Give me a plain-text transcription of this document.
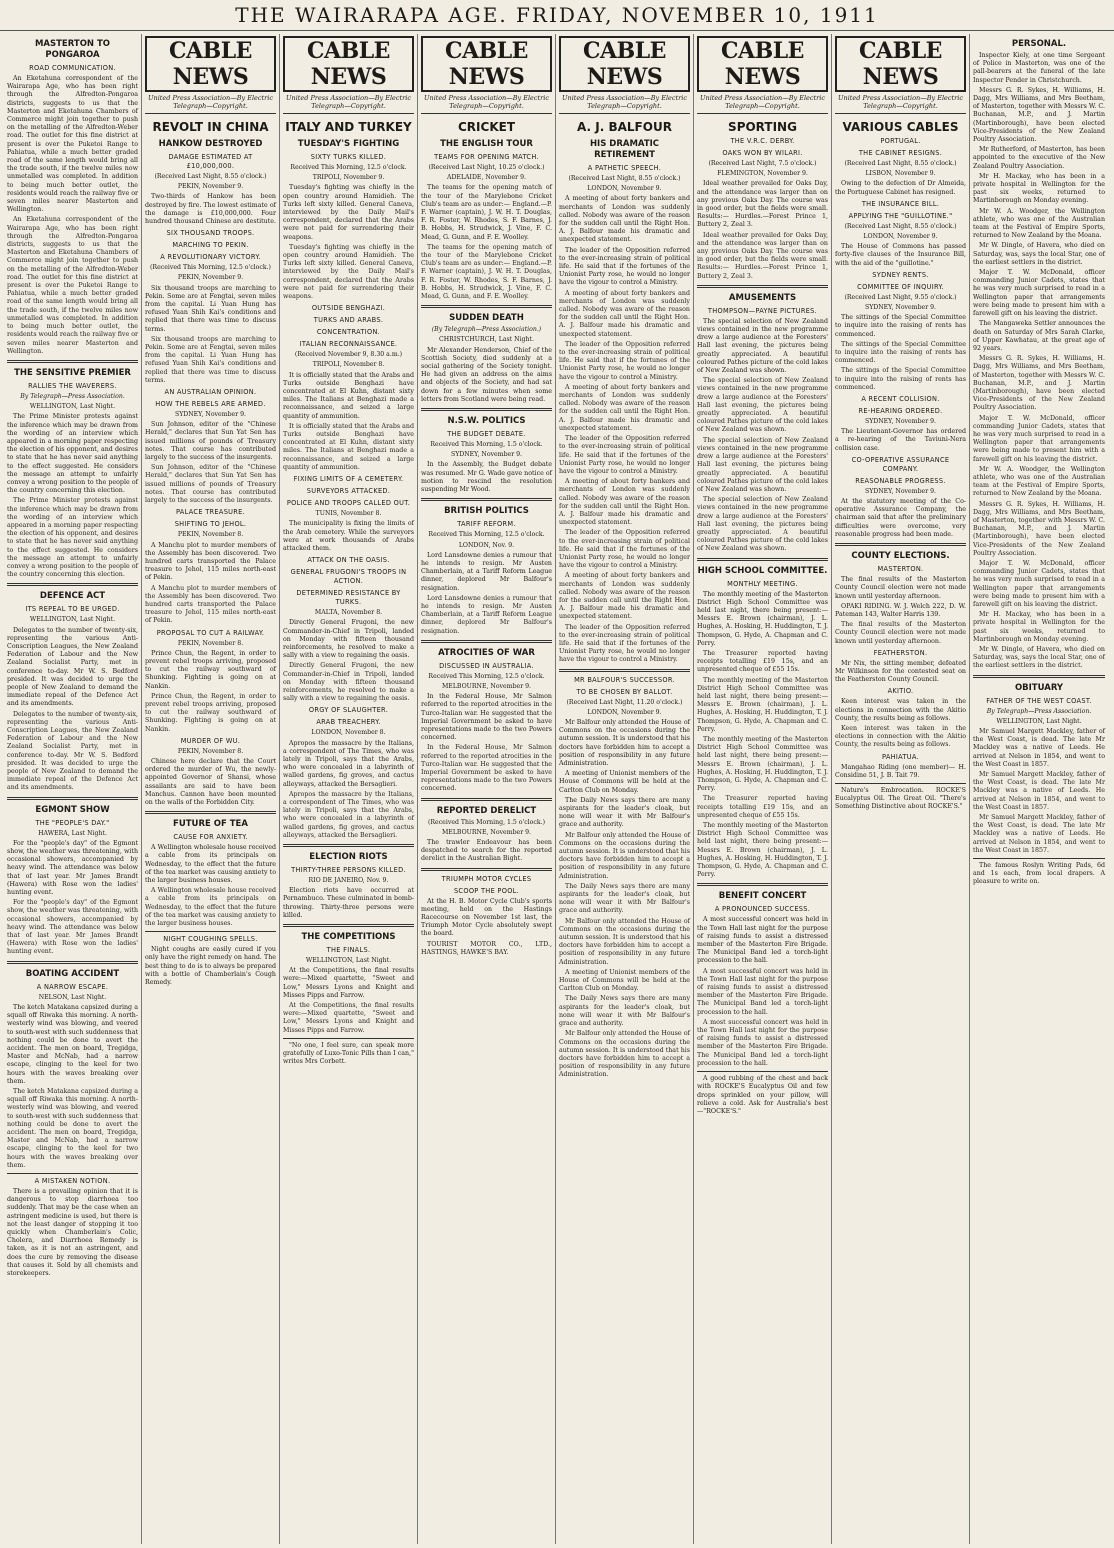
THE WAIRARAPA AGE. FRIDAY, NOVEMBER 10, 1911
MASTERTON TO PONGAROA
ROAD COMMUNICATION.

An Eketahuna correspondent of the Wairarapa Age, who has been right through the Alfredton-Pongaroa districts, suggests to us that the Masterton and Eketahuna Chambers of Commerce might join together to push on the metalling of the Alfredton-Weber road. The outlet for this fine district at present is over the Puketoi Range to Pahiatua, while a much better graded road of the same length would bring all the trade south, if the twelve miles now unmetalled was completed. In addition to being much better outlet, the residents would reach the railway five or seven miles nearer Masterton and Wellington.

An Eketahuna correspondent of the Wairarapa Age, who has been right through the Alfredton-Pongaroa districts, suggests to us that the Masterton and Eketahuna Chambers of Commerce might join together to push on the metalling of the Alfredton-Weber road. The outlet for this fine district at present is over the Puketoi Range to Pahiatua, while a much better graded road of the same length would bring all the trade south, if the twelve miles now unmetalled was completed. In addition to being much better outlet, the residents would reach the railway five or seven miles nearer Masterton and Wellington.

THE SENSITIVE PREMIER
RALLIES THE WAVERERS.
By Telegraph—Press Association.
WELLINGTON, Last Night.

The Prime Minister protests against the inference which may be drawn from the wording of an interview which appeared in a morning paper respecting the election of his opponent, and desires to state that he has never said anything to the effect suggested. He considers the message an attempt to unfairly convey a wrong position to the people of the country concerning this election.

The Prime Minister protests against the inference which may be drawn from the wording of an interview which appeared in a morning paper respecting the election of his opponent, and desires to state that he has never said anything to the effect suggested. He considers the message an attempt to unfairly convey a wrong position to the people of the country concerning this election.

DEFENCE ACT
ITS REPEAL TO BE URGED.
WELLINGTON, Last Night.

Delegates to the number of twenty-six, representing the various Anti-Conscription Leagues, the New Zealand Federation of Labour and the New Zealand Socialist Party, met in conference to-day. Mr W. S. Bedford presided. It was decided to urge the people of New Zealand to demand the immediate repeal of the Defence Act and its amendments.

Delegates to the number of twenty-six, representing the various Anti-Conscription Leagues, the New Zealand Federation of Labour and the New Zealand Socialist Party, met in conference to-day. Mr W. S. Bedford presided. It was decided to urge the people of New Zealand to demand the immediate repeal of the Defence Act and its amendments.

EGMONT SHOW
THE "PEOPLE'S DAY."
HAWERA, Last Night.

For the "people's day" of the Egmont show, the weather was threatening, with occasional showers, accompanied by heavy wind. The attendance was below that of last year. Mr James Brandt (Hawera) with Rose won the ladies' hunting event.

For the "people's day" of the Egmont show, the weather was threatening, with occasional showers, accompanied by heavy wind. The attendance was below that of last year. Mr James Brandt (Hawera) with Rose won the ladies' hunting event.

BOATING ACCIDENT
A NARROW ESCAPE.
NELSON, Last Night.

The ketch Matakana capsized during a squall off Riwaka this morning. A north-westerly wind was blowing, and veered to south-west with such suddenness that nothing could be done to avert the accident. The men on board, Tregidga, Master and McNab, had a narrow escape, clinging to the keel for two hours with the waves breaking over them.

The ketch Matakana capsized during a squall off Riwaka this morning. A north-westerly wind was blowing, and veered to south-west with such suddenness that nothing could be done to avert the accident. The men on board, Tregidga, Master and McNab, had a narrow escape, clinging to the keel for two hours with the waves breaking over them.

A MISTAKEN NOTION.

There is a prevailing opinion that it is dangerous to stop diarrhoea too suddenly. That may be the case when an astringent medicine is used, but there is not the least danger of stopping it too quickly when Chamberlain's Colic, Cholera, and Diarrhoea Remedy is taken, as it is not an astringent, and does the cure by removing the disease that causes it. Sold by all chemists and storekeepers.

CABLE NEWS
United Press Association—By Electric Telegraph—Copyright.
REVOLT IN CHINA
HANKOW DESTROYED
DAMAGE ESTIMATED AT £10,000,000.
(Received Last Night, 8.55 o'clock.)
PEKIN, November 9.

Two-thirds of Hankow has been destroyed by fire. The lowest estimate of the damage is £10,000,000. Four hundred thousand Chinese are destitute.

SIX THOUSAND TROOPS.
MARCHING TO PEKIN.
A REVOLUTIONARY VICTORY.
(Received This Morning, 12.5 o'clock.)
PEKIN, November 9.

Six thousand troops are marching to Pekin. Some are at Fengtai, seven miles from the capital. Li Yuan Hung has refused Yuan Shih Kai's conditions and replied that there was time to discuss terms.

Six thousand troops are marching to Pekin. Some are at Fengtai, seven miles from the capital. Li Yuan Hung has refused Yuan Shih Kai's conditions and replied that there was time to discuss terms.

AN AUSTRALIAN OPINION.
HOW THE REBELS ARE ARMED.
SYDNEY, November 9.

Sun Johnson, editor of the "Chinese Herald," declares that Sun Yat Sen has issued millions of pounds of Treasury notes. That course has contributed largely to the success of the insurgents.

Sun Johnson, editor of the "Chinese Herald," declares that Sun Yat Sen has issued millions of pounds of Treasury notes. That course has contributed largely to the success of the insurgents.

PALACE TREASURE.
SHIFTING TO JEHOL.
PEKIN, November 8.

A Manchu plot to murder members of the Assembly has been discovered. Two hundred carts transported the Palace treasure to Jehol, 115 miles north-east of Pekin.

A Manchu plot to murder members of the Assembly has been discovered. Two hundred carts transported the Palace treasure to Jehol, 115 miles north-east of Pekin.

PROPOSAL TO CUT A RAILWAY.
PEKIN, November 8.

Prince Chun, the Regent, in order to prevent rebel troops arriving, proposed to cut the railway southward of Shunking. Fighting is going on at Nankin.

Prince Chun, the Regent, in order to prevent rebel troops arriving, proposed to cut the railway southward of Shunking. Fighting is going on at Nankin.

MURDER OF WU.
PEKIN, November 8.

Chinese here declare that the Court ordered the murder of Wu, the newly-appointed Governor of Shansi, whose assailants are said to have been Manchus. Cannon have been mounted on the walls of the Forbidden City.

FUTURE OF TEA
CAUSE FOR ANXIETY.

A Wellington wholesale house received a cable from its principals on Wednesday, to the effect that the future of the tea market was causing anxiety to the larger business houses.

A Wellington wholesale house received a cable from its principals on Wednesday, to the effect that the future of the tea market was causing anxiety to the larger business houses.

NIGHT COUGHING SPELLS.

Night coughs are easily cured if you only have the right remedy on hand. The best thing to do is to always be prepared with a bottle of Chamberlain's Cough Remedy.

CABLE NEWS
United Press Association—By Electric Telegraph—Copyright.
ITALY AND TURKEY
TUESDAY'S FIGHTING
SIXTY TURKS KILLED.
Received This Morning, 12.5 o'clock.
TRIPOLI, November 9.

Tuesday's fighting was chiefly in the open country around Hamidieh. The Turks left sixty killed. General Caneva, interviewed by the Daily Mail's correspondent, declared that the Arabs were not paid for surrendering their weapons.

Tuesday's fighting was chiefly in the open country around Hamidieh. The Turks left sixty killed. General Caneva, interviewed by the Daily Mail's correspondent, declared that the Arabs were not paid for surrendering their weapons.

OUTSIDE BENGHAZI.
TURKS AND ARABS.
CONCENTRATION.
ITALIAN RECONNAISSANCE.
(Received November 9, 8.30 a.m.)
TRIPOLI, November 8.

It is officially stated that the Arabs and Turks outside Benghazi have concentrated at El Kuhn, distant sixty miles. The Italians at Benghazi made a reconnaissance, and seized a large quantity of ammunition.

It is officially stated that the Arabs and Turks outside Benghazi have concentrated at El Kuhn, distant sixty miles. The Italians at Benghazi made a reconnaissance, and seized a large quantity of ammunition.

FIXING LIMITS OF A CEMETERY.
SURVEYORS ATTACKED.
POLICE AND TROOPS CALLED OUT.
TUNIS, November 8.

The municipality is fixing the limits of the Arab cemetery. While the surveyors were at work thousands of Arabs attacked them.

ATTACK ON THE OASIS.
GENERAL FRUGONI'S TROOPS IN ACTION.
DETERMINED RESISTANCE BY TURKS.
MALTA, November 8.

Directly General Frugoni, the new Commander-in-Chief in Tripoli, landed on Monday with fifteen thousand reinforcements, he resolved to make a sally with a view to regaining the oasis.

Directly General Frugoni, the new Commander-in-Chief in Tripoli, landed on Monday with fifteen thousand reinforcements, he resolved to make a sally with a view to regaining the oasis.

ORGY OF SLAUGHTER.
ARAB TREACHERY.
LONDON, November 8.

Apropos the massacre by the Italians, a correspondent of The Times, who was lately in Tripoli, says that the Arabs, who were concealed in a labyrinth of walled gardens, fig groves, and cactus alleyways, attacked the Bersaglieri.

Apropos the massacre by the Italians, a correspondent of The Times, who was lately in Tripoli, says that the Arabs, who were concealed in a labyrinth of walled gardens, fig groves, and cactus alleyways, attacked the Bersaglieri.

ELECTION RIOTS
THIRTY-THREE PERSONS KILLED.
RIO DE JANEIRO, Nov. 9.

Election riots have occurred at Pernambuco. These culminated in bomb-throwing. Thirty-three persons were killed.

THE COMPETITIONS
THE FINALS.
WELLINGTON, Last Night.

At the Competitions, the final results were:—Mixed quartette, "Sweet and Low," Messrs Lyons and Knight and Misses Pipps and Farrow.

At the Competitions, the final results were:—Mixed quartette, "Sweet and Low," Messrs Lyons and Knight and Misses Pipps and Farrow.

"No one, I feel sure, can speak more gratefully of Luxo-Tonic Pills than I can," writes Mrs Corbett.

CABLE NEWS
United Press Association—By Electric Telegraph—Copyright.
CRICKET
THE ENGLISH TOUR
TEAMS FOR OPENING MATCH.
(Received Last Night, 10.25 o'clock.)
ADELAIDE, November 9.

The teams for the opening match of the tour of the Marylebone Cricket Club's team are as under:— England.—P. F. Warner (captain), J. W. H. T. Douglas, F. R. Foster, W. Rhodes, S. F. Barnes, J. B. Hobbs, H. Strudwick, J. Vine, F. C. Mead, G. Gunn, and F. E. Woolley.

The teams for the opening match of the tour of the Marylebone Cricket Club's team are as under:— England.—P. F. Warner (captain), J. W. H. T. Douglas, F. R. Foster, W. Rhodes, S. F. Barnes, J. B. Hobbs, H. Strudwick, J. Vine, F. C. Mead, G. Gunn, and F. E. Woolley.

SUDDEN DEATH
(By Telegraph—Press Association.)
CHRISTCHURCH, Last Night.

Mr Alexander Henderson, Chief of the Scottish Society, died suddenly at a social gathering of the Society tonight. He had given an address on the aims and objects of the Society, and had sat down for a few minutes when some letters from Scotland were being read.

N.S.W. POLITICS
THE BUDGET DEBATE.
Received This Morning, 1.5 o'clock.
SYDNEY, November 9.

In the Assembly, the Budget debate was resumed. Mr G. Wade gave notice of motion to rescind the resolution suspending Mr Wood.

BRITISH POLITICS
TARIFF REFORM.
Received This Morning, 12.5 o'clock.
LONDON, Nov. 9.

Lord Lansdowne denies a rumour that he intends to resign. Mr Austen Chamberlain, at a Tariff Reform League dinner, deplored Mr Balfour's resignation.

Lord Lansdowne denies a rumour that he intends to resign. Mr Austen Chamberlain, at a Tariff Reform League dinner, deplored Mr Balfour's resignation.

ATROCITIES OF WAR
DISCUSSED IN AUSTRALIA.
Received This Morning, 12.5 o'clock.
MELBOURNE, November 9.

In the Federal House, Mr Salmon referred to the reported atrocities in the Turco-Italian war. He suggested that the Imperial Government be asked to have representations made to the two Powers concerned.

In the Federal House, Mr Salmon referred to the reported atrocities in the Turco-Italian war. He suggested that the Imperial Government be asked to have representations made to the two Powers concerned.

REPORTED DERELICT
(Received This Morning, 1.5 o'clock.)
MELBOURNE, November 9.

The trawler Endeavour has been despatched to search for the reported derelict in the Australian Bight.

TRIUMPH MOTOR CYCLES
SCOOP THE POOL.

At the H. B. Motor Cycle Club's sports meeting, held on the Hastings Racecourse on November 1st last, the Triumph Motor Cycle absolutely swept the board.

TOURIST MOTOR CO., LTD., HASTINGS, HAWKE'S BAY.

CABLE NEWS
United Press Association—By Electric Telegraph—Copyright.
A. J. BALFOUR
HIS DRAMATIC RETIREMENT
A PATHETIC SPEECH.
(Received Last Night, 8.55 o'clock.)
LONDON, November 9.

A meeting of about forty bankers and merchants of London was suddenly called. Nobody was aware of the reason for the sudden call until the Right Hon. A. J. Balfour made his dramatic and unexpected statement.

The leader of the Opposition referred to the ever-increasing strain of political life. He said that if the fortunes of the Unionist Party rose, he would no longer have the vigour to control a Ministry.

A meeting of about forty bankers and merchants of London was suddenly called. Nobody was aware of the reason for the sudden call until the Right Hon. A. J. Balfour made his dramatic and unexpected statement.

The leader of the Opposition referred to the ever-increasing strain of political life. He said that if the fortunes of the Unionist Party rose, he would no longer have the vigour to control a Ministry.

A meeting of about forty bankers and merchants of London was suddenly called. Nobody was aware of the reason for the sudden call until the Right Hon. A. J. Balfour made his dramatic and unexpected statement.

The leader of the Opposition referred to the ever-increasing strain of political life. He said that if the fortunes of the Unionist Party rose, he would no longer have the vigour to control a Ministry.

A meeting of about forty bankers and merchants of London was suddenly called. Nobody was aware of the reason for the sudden call until the Right Hon. A. J. Balfour made his dramatic and unexpected statement.

The leader of the Opposition referred to the ever-increasing strain of political life. He said that if the fortunes of the Unionist Party rose, he would no longer have the vigour to control a Ministry.

A meeting of about forty bankers and merchants of London was suddenly called. Nobody was aware of the reason for the sudden call until the Right Hon. A. J. Balfour made his dramatic and unexpected statement.

The leader of the Opposition referred to the ever-increasing strain of political life. He said that if the fortunes of the Unionist Party rose, he would no longer have the vigour to control a Ministry.

MR BALFOUR'S SUCCESSOR.
TO BE CHOSEN BY BALLOT.
(Received Last Night, 11.20 o'clock.)
LONDON, November 9.

Mr Balfour only attended the House of Commons on the occasions during the autumn session. It is understood that his doctors have forbidden him to accept a position of responsibility in any future Administration.

A meeting of Unionist members of the House of Commons will be held at the Carlton Club on Monday.

The Daily News says there are many aspirants for the leader's cloak, but none will wear it with Mr Balfour's grace and authority.

Mr Balfour only attended the House of Commons on the occasions during the autumn session. It is understood that his doctors have forbidden him to accept a position of responsibility in any future Administration.

The Daily News says there are many aspirants for the leader's cloak, but none will wear it with Mr Balfour's grace and authority.

Mr Balfour only attended the House of Commons on the occasions during the autumn session. It is understood that his doctors have forbidden him to accept a position of responsibility in any future Administration.

A meeting of Unionist members of the House of Commons will be held at the Carlton Club on Monday.

The Daily News says there are many aspirants for the leader's cloak, but none will wear it with Mr Balfour's grace and authority.

Mr Balfour only attended the House of Commons on the occasions during the autumn session. It is understood that his doctors have forbidden him to accept a position of responsibility in any future Administration.

CABLE NEWS
United Press Association—By Electric Telegraph—Copyright.
SPORTING
THE V.R.C. DERBY.
OAKS WON BY WILARI.
(Received Last Night, 7.5 o'clock.)
FLEMINGTON, November 9.

Ideal weather prevailed for Oaks Day, and the attendance was larger than on any previous Oaks Day. The course was in good order, but the fields were small. Results:— Hurdles.—Forest Prince 1, Buttery 2, Zeal 3.

Ideal weather prevailed for Oaks Day, and the attendance was larger than on any previous Oaks Day. The course was in good order, but the fields were small. Results:— Hurdles.—Forest Prince 1, Buttery 2, Zeal 3.

AMUSEMENTS
THOMPSON—PAYNE PICTURES.

The special selection of New Zealand views contained in the new programme drew a large audience at the Foresters' Hall last evening, the pictures being greatly appreciated. A beautiful coloured Pathes picture of the cold lakes of New Zealand was shown.

The special selection of New Zealand views contained in the new programme drew a large audience at the Foresters' Hall last evening, the pictures being greatly appreciated. A beautiful coloured Pathes picture of the cold lakes of New Zealand was shown.

The special selection of New Zealand views contained in the new programme drew a large audience at the Foresters' Hall last evening, the pictures being greatly appreciated. A beautiful coloured Pathes picture of the cold lakes of New Zealand was shown.

The special selection of New Zealand views contained in the new programme drew a large audience at the Foresters' Hall last evening, the pictures being greatly appreciated. A beautiful coloured Pathes picture of the cold lakes of New Zealand was shown.

HIGH SCHOOL COMMITTEE.
MONTHLY MEETING.

The monthly meeting of the Masterton District High School Committee was held last night, there being present:—Messrs E. Brown (chairman), J. L. Hughes, A. Hosking, H. Huddington, T. J. Thompson, G. Hyde, A. Chapman and C. Perry.

The Treasurer reported having receipts totalling £19 15s, and an unpresented cheque of £55 15s.

The monthly meeting of the Masterton District High School Committee was held last night, there being present:—Messrs E. Brown (chairman), J. L. Hughes, A. Hosking, H. Huddington, T. J. Thompson, G. Hyde, A. Chapman and C. Perry.

The monthly meeting of the Masterton District High School Committee was held last night, there being present:—Messrs E. Brown (chairman), J. L. Hughes, A. Hosking, H. Huddington, T. J. Thompson, G. Hyde, A. Chapman and C. Perry.

The Treasurer reported having receipts totalling £19 15s, and an unpresented cheque of £55 15s.

The monthly meeting of the Masterton District High School Committee was held last night, there being present:—Messrs E. Brown (chairman), J. L. Hughes, A. Hosking, H. Huddington, T. J. Thompson, G. Hyde, A. Chapman and C. Perry.

BENEFIT CONCERT
A PRONOUNCED SUCCESS.

A most successful concert was held in the Town Hall last night for the purpose of raising funds to assist a distressed member of the Masterton Fire Brigade. The Municipal Band led a torch-light procession to the hall.

A most successful concert was held in the Town Hall last night for the purpose of raising funds to assist a distressed member of the Masterton Fire Brigade. The Municipal Band led a torch-light procession to the hall.

A most successful concert was held in the Town Hall last night for the purpose of raising funds to assist a distressed member of the Masterton Fire Brigade. The Municipal Band led a torch-light procession to the hall.

A good rubbing of the chest and back with ROCKE'S Eucalyptus Oil and few drops sprinkled on your pillow, will relieve a cold. Ask for Australia's best—"ROCKE'S."

CABLE NEWS
United Press Association—By Electric Telegraph—Copyright.
VARIOUS CABLES
PORTUGAL.
THE CABINET RESIGNS.
(Received Last Night, 8.55 o'clock.)
LISBON, November 9.

Owing to the defection of Dr Almeida, the Portuguese Cabinet has resigned.

THE INSURANCE BILL.
APPLYING THE "GUILLOTINE."
(Received Last Night, 8.55 o'clock.)
LONDON, November 9.

The House of Commons has passed forty-five clauses of the Insurance Bill, with the aid of the "guillotine."

SYDNEY RENTS.
COMMITTEE OF INQUIRY.
(Received Last Night, 9.55 o'clock.)
SYDNEY, November 9.

The sittings of the Special Committee to inquire into the raising of rents has commenced.

The sittings of the Special Committee to inquire into the raising of rents has commenced.

The sittings of the Special Committee to inquire into the raising of rents has commenced.

A RECENT COLLISION.
RE-HEARING ORDERED.
SYDNEY, November 9.

The Lieutenant-Governor has ordered a re-hearing of the Taviuni-Nera collision case.

CO-OPERATIVE ASSURANCE COMPANY.
REASONABLE PROGRESS.
SYDNEY, November 9.

At the statutory meeting of the Co-operative Assurance Company, the chairman said that after the preliminary difficulties were overcome, very reasonable progress had been made.

COUNTY ELECTIONS.
MASTERTON.

The final results of the Masterton County Council election were not made known until yesterday afternoon.

OPAKI RIDING. W. J. Welch 222, D. W. Pateman 143, Walter Harris 139.

The final results of the Masterton County Council election were not made known until yesterday afternoon.

FEATHERSTON.

Mr Nix, the sitting member, defeated Mr Wilkinson for the contested seat on the Featherston County Council.

AKITIO.

Keen interest was taken in the elections in connection with the Akitio County, the results being as follows.

Keen interest was taken in the elections in connection with the Akitio County, the results being as follows.

PAHIATUA.

Mangahao Riding (one member)— H. Considine 51, J. B. Tait 79.

Nature's Embrocation. ROCKE'S Eucalyptus Oil. The Great Oil. "There's Something Distinctive about ROCKE'S."

PERSONAL.

Inspector Kiely, at one time Sergeant of Police in Masterton, was one of the pall-bearers at the funeral of the late Inspector Pender in Christchurch.

Messrs G. R. Sykes, H. Williams, H. Dagg, Mrs Williams, and Mrs Beetham, of Masterton, together with Messrs W. C. Buchanan, M.P., and J. Martin (Martinborough), have been elected Vice-Presidents of the New Zealand Poultry Association.

Mr Rutherford, of Masterton, has been appointed to the executive of the New Zealand Poultry Association.

Mr H. Mackay, who has been in a private hospital in Wellington for the past six weeks, returned to Martinborough on Monday evening.

Mr W. A. Woodger, the Wellington athlete, who was one of the Australian team at the Festival of Empire Sports, returned to New Zealand by the Moana.

Mr W. Dingle, of Havera, who died on Saturday, was, says the local Star, one of the earliest settlers in the district.

Major T. W. McDonald, officer commanding Junior Cadets, states that he was very much surprised to read in a Wellington paper that arrangements were being made to present him with a farewell gift on his leaving the district.

The Mangaweka Settler announces the death on Saturday of Mrs Sarah Clarke, of Upper Kawhatau, at the great age of 92 years.

Messrs G. R. Sykes, H. Williams, H. Dagg, Mrs Williams, and Mrs Beetham, of Masterton, together with Messrs W. C. Buchanan, M.P., and J. Martin (Martinborough), have been elected Vice-Presidents of the New Zealand Poultry Association.

Major T. W. McDonald, officer commanding Junior Cadets, states that he was very much surprised to read in a Wellington paper that arrangements were being made to present him with a farewell gift on his leaving the district.

Mr W. A. Woodger, the Wellington athlete, who was one of the Australian team at the Festival of Empire Sports, returned to New Zealand by the Moana.

Messrs G. R. Sykes, H. Williams, H. Dagg, Mrs Williams, and Mrs Beetham, of Masterton, together with Messrs W. C. Buchanan, M.P., and J. Martin (Martinborough), have been elected Vice-Presidents of the New Zealand Poultry Association.

Major T. W. McDonald, officer commanding Junior Cadets, states that he was very much surprised to read in a Wellington paper that arrangements were being made to present him with a farewell gift on his leaving the district.

Mr H. Mackay, who has been in a private hospital in Wellington for the past six weeks, returned to Martinborough on Monday evening.

Mr W. Dingle, of Havera, who died on Saturday, was, says the local Star, one of the earliest settlers in the district.

OBITUARY
FATHER OF THE WEST COAST.
By Telegraph—Press Association.
WELLINGTON, Last Night.

Mr Samuel Margett Mackley, father of the West Coast, is dead. The late Mr Mackley was a native of Leeds. He arrived at Nelson in 1854, and went to the West Coast in 1857.

Mr Samuel Margett Mackley, father of the West Coast, is dead. The late Mr Mackley was a native of Leeds. He arrived at Nelson in 1854, and went to the West Coast in 1857.

Mr Samuel Margett Mackley, father of the West Coast, is dead. The late Mr Mackley was a native of Leeds. He arrived at Nelson in 1854, and went to the West Coast in 1857.

The famous Roslyn Writing Pads, 6d and 1s each, from local drapers. A pleasure to write on.
